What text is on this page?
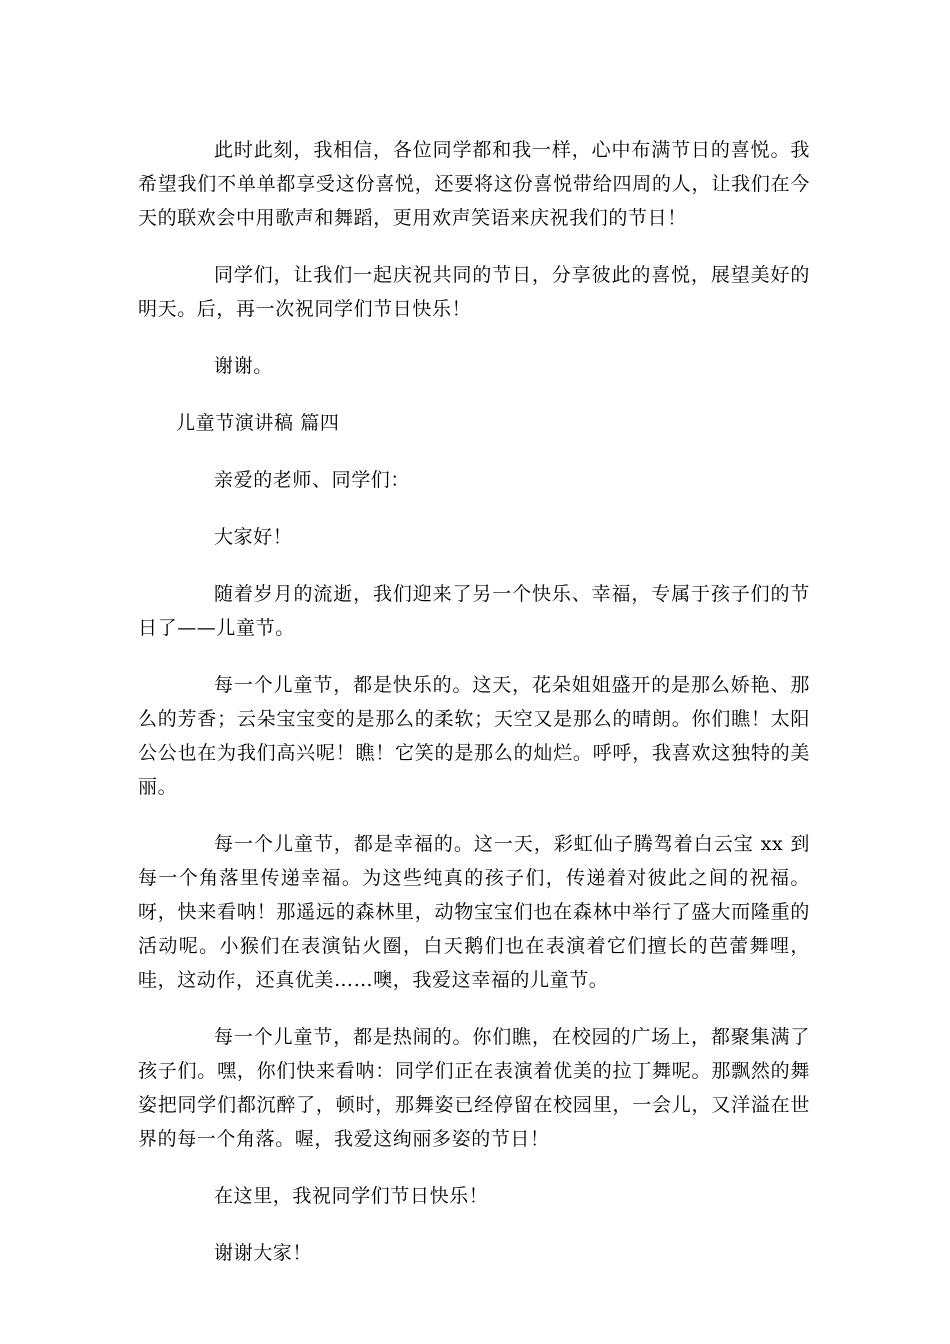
此时此刻，我相信，各位同学都和我一样，心中布满节日的喜悦。我希望我们不单单都享受这份喜悦，还要将这份喜悦带给四周的人，让我们在今天的联欢会中用歌声和舞蹈，更用欢声笑语来庆祝我们的节日！

同学们，让我们一起庆祝共同的节日，分享彼此的喜悦，展望美好的明天。后，再一次祝同学们节日快乐！

谢谢。

儿童节演讲稿 篇四

亲爱的老师、同学们：

大家好！

随着岁月的流逝，我们迎来了另一个快乐、幸福，专属于孩子们的节日了——儿童节。

每一个儿童节，都是快乐的。这天，花朵姐姐盛开的是那么娇艳、那么的芳香；云朵宝宝变的是那么的柔软；天空又是那么的晴朗。你们瞧！太阳公公也在为我们高兴呢！瞧！它笑的是那么的灿烂。呼呼，我喜欢这独特的美丽。

每一个儿童节，都是幸福的。这一天，彩虹仙子腾驾着白云宝 xx 到每一个角落里传递幸福。为这些纯真的孩子们，传递着对彼此之间的祝福。呀，快来看呐！那遥远的森林里，动物宝宝们也在森林中举行了盛大而隆重的活动呢。小猴们在表演钻火圈，白天鹅们也在表演着它们擅长的芭蕾舞哩，哇，这动作，还真优美……噢，我爱这幸福的儿童节。

每一个儿童节，都是热闹的。你们瞧，在校园的广场上，都聚集满了孩子们。嘿，你们快来看呐：同学们正在表演着优美的拉丁舞呢。那飘然的舞姿把同学们都沉醉了，顿时，那舞姿已经停留在校园里，一会儿，又洋溢在世界的每一个角落。喔，我爱这绚丽多姿的节日！

在这里，我祝同学们节日快乐！

谢谢大家！
